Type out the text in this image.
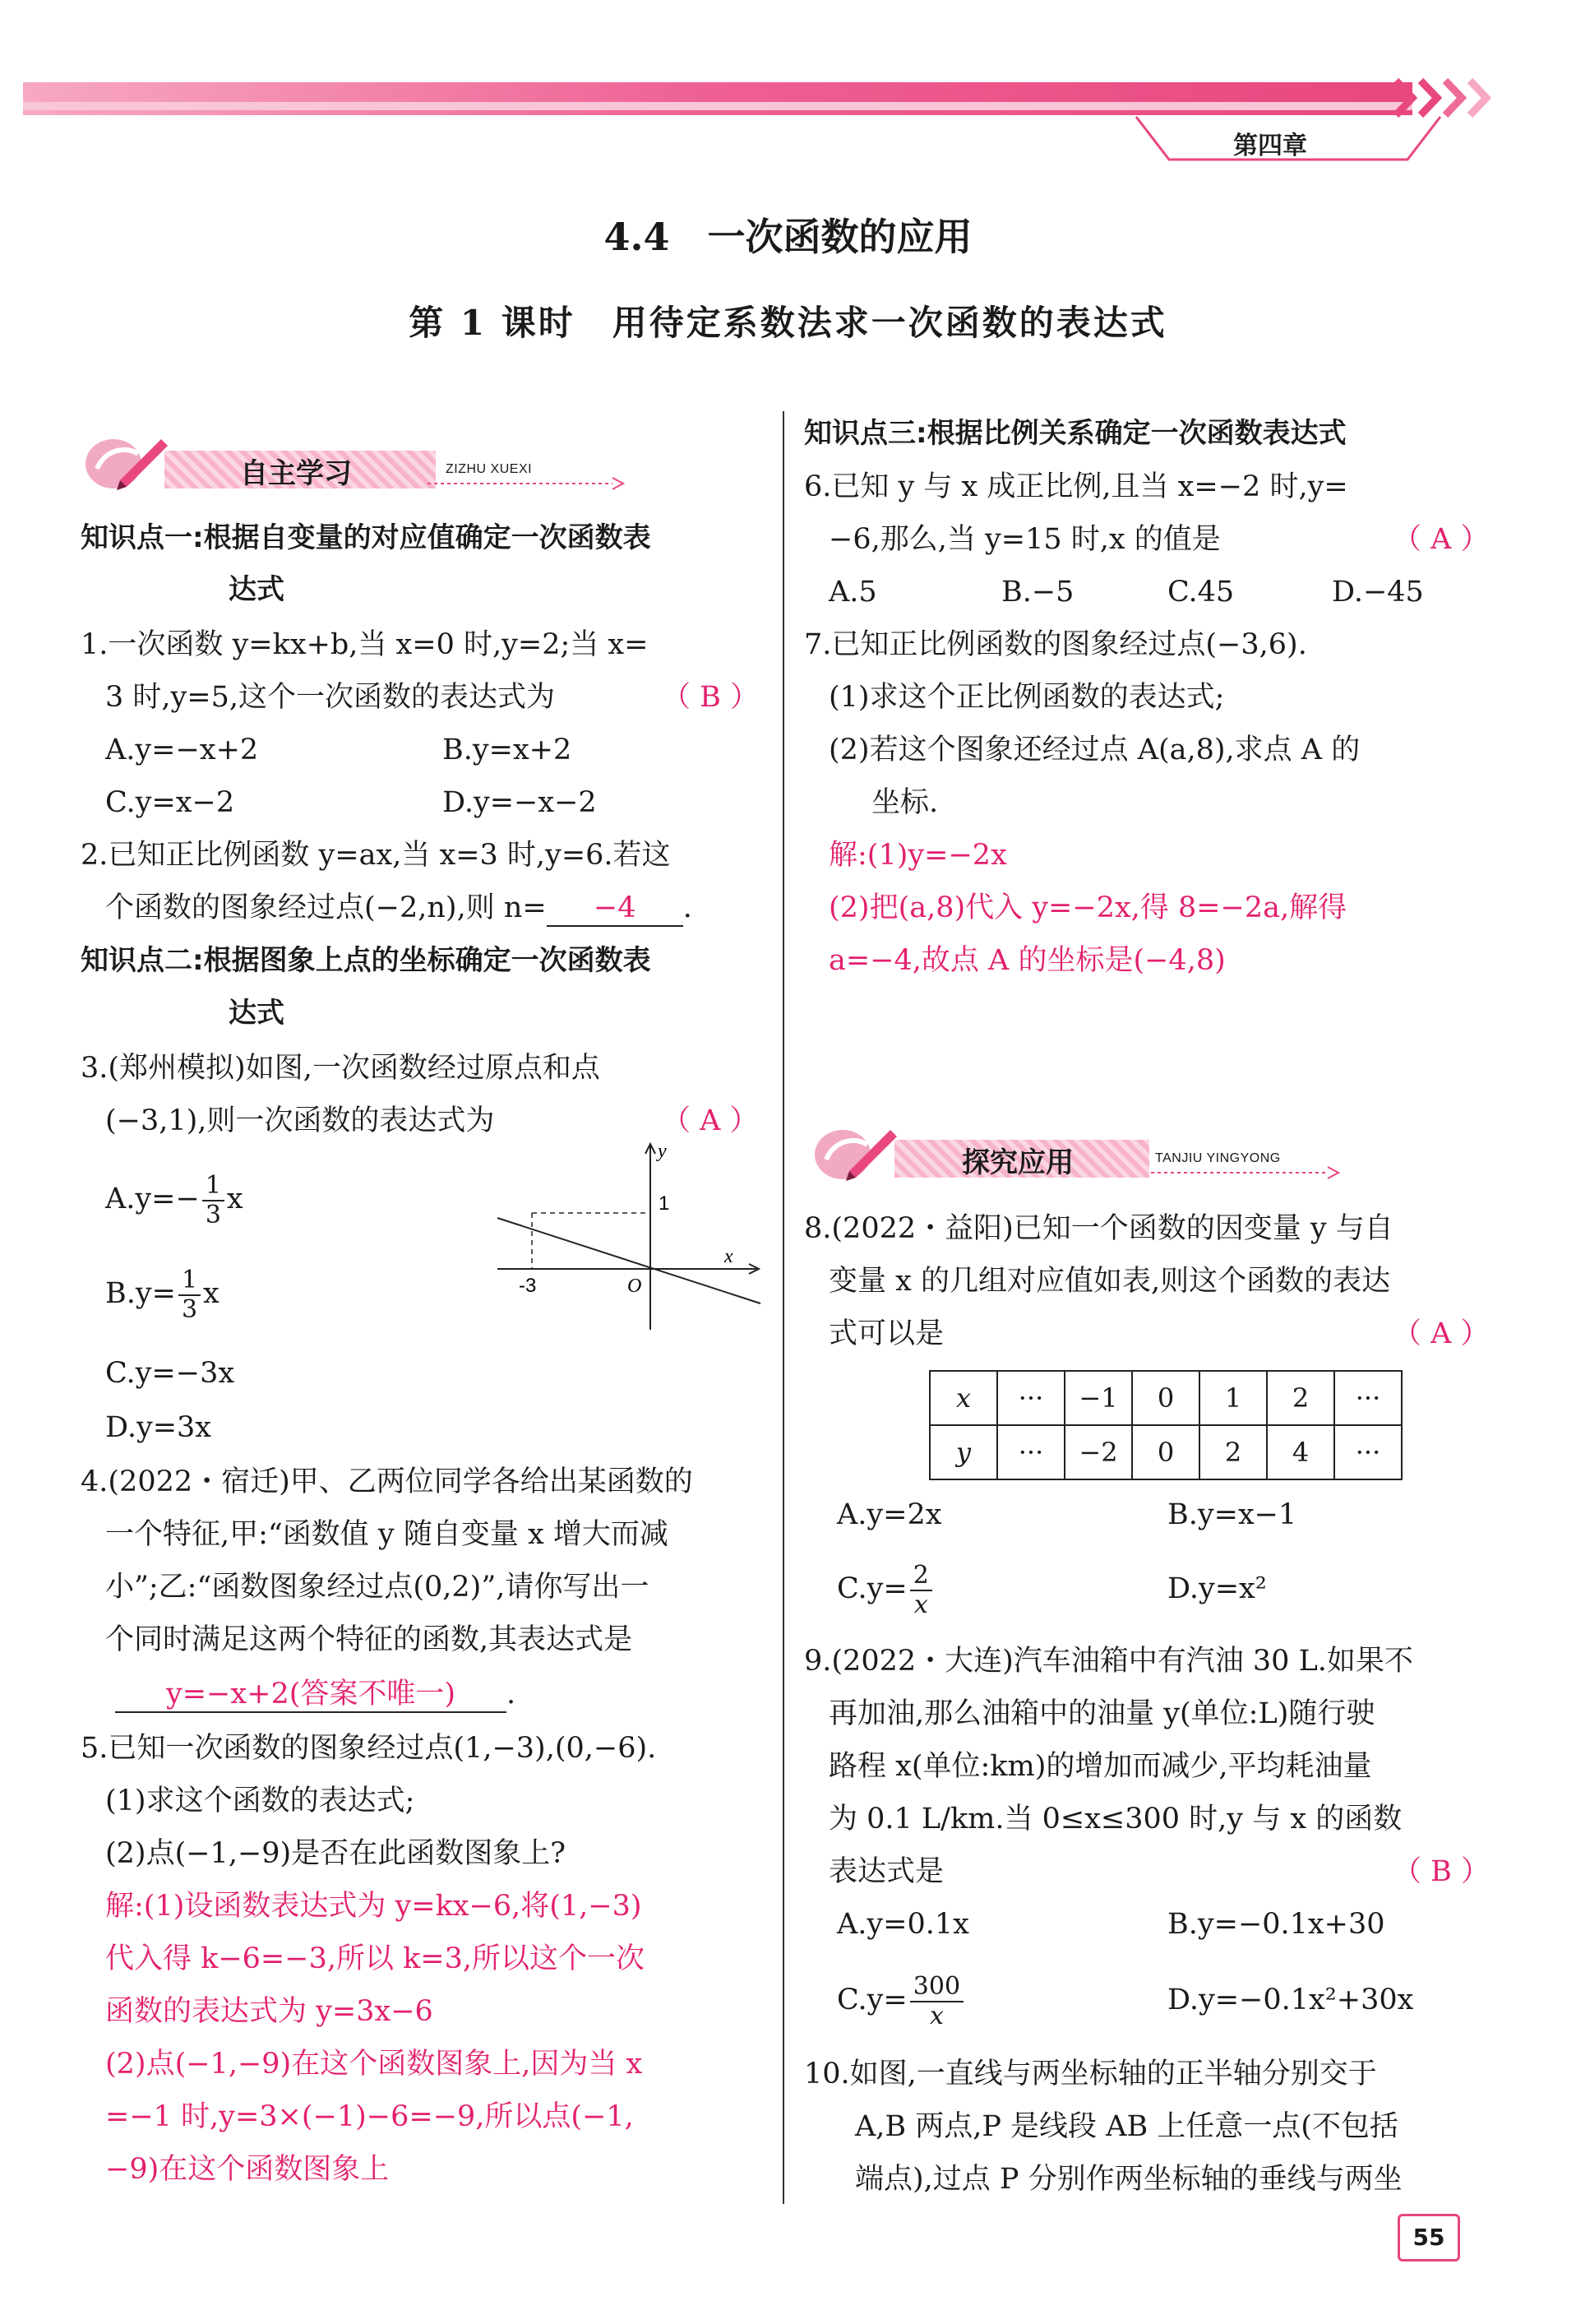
第四章
4.4　一次函数的应用
第 1 课时　用待定系数法求一次函数的表达式
自主学习	ZIZHU XUEXI
知识点一:根据自变量的对应值确定一次函数表
达式
1.一次函数 y=kx+b,当 x=0 时,y=2;当 x=
3 时,y=5,这个一次函数的表达式为	（ B ）
A.y=−x+2	B.y=x+2
C.y=x−2	D.y=−x−2
2.已知正比例函数 y=ax,当 x=3 时,y=6.若这
个函数的图象经过点(−2,n),则 n= −4 .
知识点二:根据图象上点的坐标确定一次函数表
达式
3.(郑州模拟)如图,一次函数经过原点和点
(−3,1),则一次函数的表达式为	（ A ）
$A.y=- \frac{1}{3}$ x
$B.y= \frac{1}{3}$ x
C.y=−3x
D.y=3x
y
x
O
-3
1
4.(2022・宿迁)甲、乙两位同学各给出某函数的
一个特征,甲:“函数值 y 随自变量 x 增大而减
小”;乙:“函数图象经过点(0,2)”,请你写出一
个同时满足这两个特征的函数,其表达式是
y=−x+2(答案不唯一) .
5.已知一次函数的图象经过点(1,−3),(0,−6).
(1)求这个函数的表达式;
(2)点(−1,−9)是否在此函数图象上?
解:(1)设函数表达式为 y=kx−6,将(1,−3)
代入得 k−6=−3,所以 k=3,所以这个一次
函数的表达式为 y=3x−6
(2)点(−1,−9)在这个函数图象上,因为当 x
=−1 时,y=3×(−1)−6=−9,所以点(−1,
−9)在这个函数图象上
知识点三:根据比例关系确定一次函数表达式
6.已知 y 与 x 成正比例,且当 x=−2 时,y=
−6,那么,当 y=15 时,x 的值是	（ A ）
A.5	B.−5	C.45	D.−45
7.已知正比例函数的图象经过点(−3,6).
(1)求这个正比例函数的表达式;
(2)若这个图象还经过点 A(a,8),求点 A 的
坐标.
解:(1)y=−2x
(2)把(a,8)代入 y=−2x,得 8=−2a,解得
a=−4,故点 A 的坐标是(−4,8)
探究应用	TANJIU YINGYONG
8.(2022・益阳)已知一个函数的因变量 y 与自
变量 x 的几组对应值如表,则这个函数的表达
式可以是	（ A ）
x	···	−1	0	1	2	···
y	···	−2	0	2	4	···
A.y=2x	B.y=x−1
$C.y= \frac{2}{x}$	D.y=x²
9.(2022・大连)汽车油箱中有汽油 30 L.如果不
再加油,那么油箱中的油量 y(单位:L)随行驶
路程 x(单位:km)的增加而减少,平均耗油量
为 0.1 L/km.当 0≤x≤300 时,y 与 x 的函数
表达式是	（ B ）
A.y=0.1x	B.y=−0.1x+30
$C.y= \frac{300}{x}$	D.y=−0.1x²+30x
10.如图,一直线与两坐标轴的正半轴分别交于
A,B 两点,P 是线段 AB 上任意一点(不包括
端点),过点 P 分别作两坐标轴的垂线与两坐
55
